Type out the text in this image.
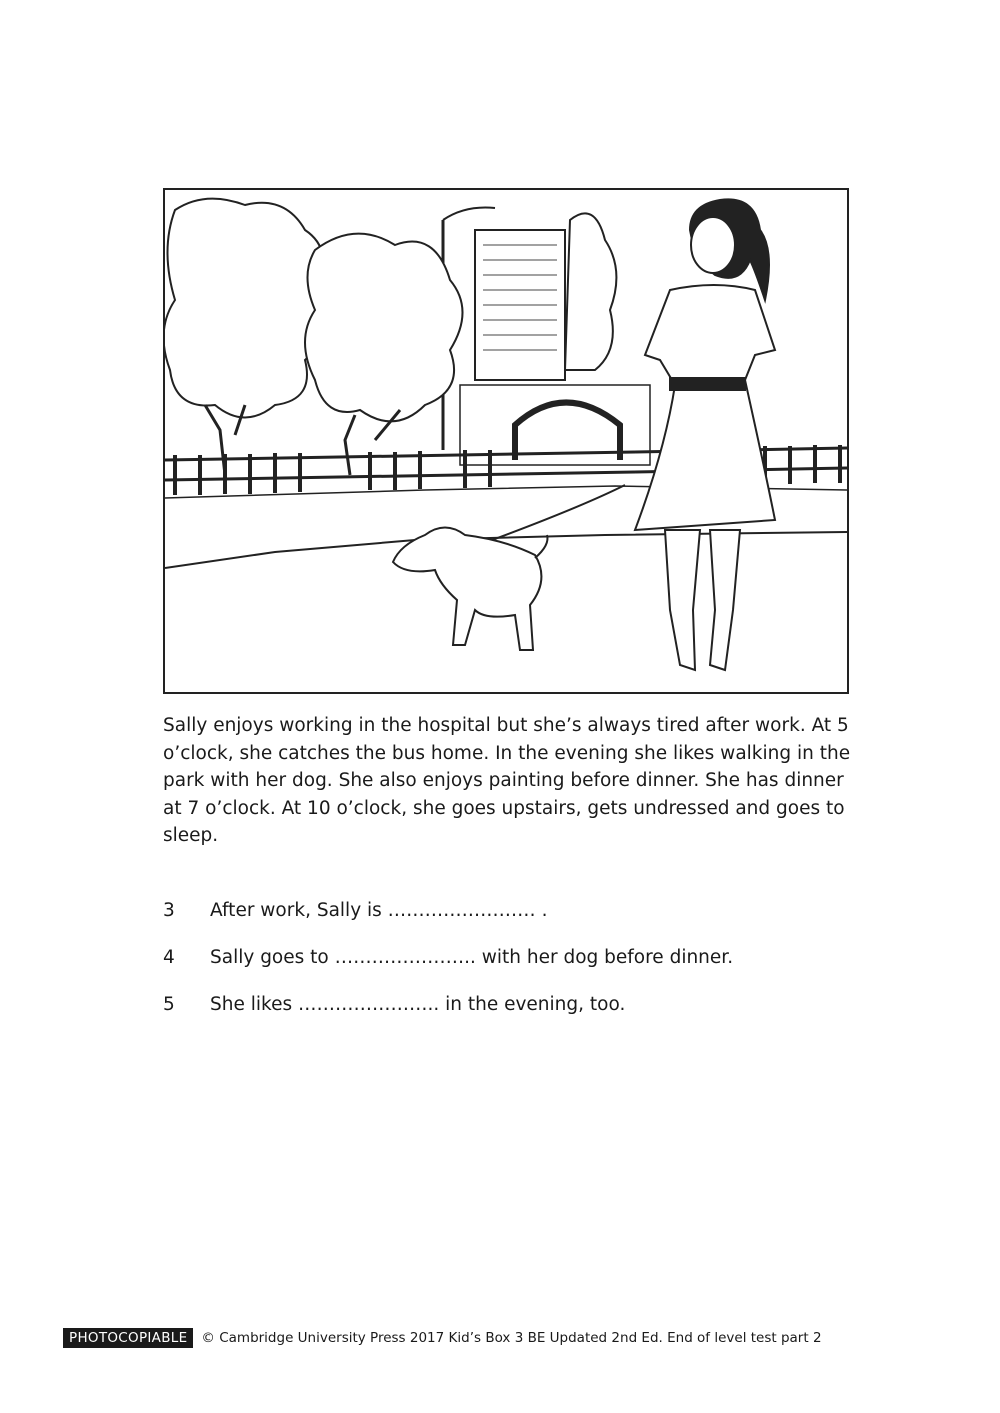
Sally enjoys working in the hospital but she’s always tired after work. At 5 o’clock, she catches the bus home. In the evening she likes walking in the park with her dog. She also enjoys painting before dinner. She has dinner at 7 o’clock. At 10 o’clock, she goes upstairs, gets undressed and goes to sleep.

3	After work, Sally is …………………… .
4	Sally goes to ………………….. with her dog before dinner.
5	She likes ………………….. in the evening, too.
PHOTOCOPIABLE	© Cambridge University Press 2017 Kid’s Box 3 BE Updated 2nd Ed. End of level test part 2
